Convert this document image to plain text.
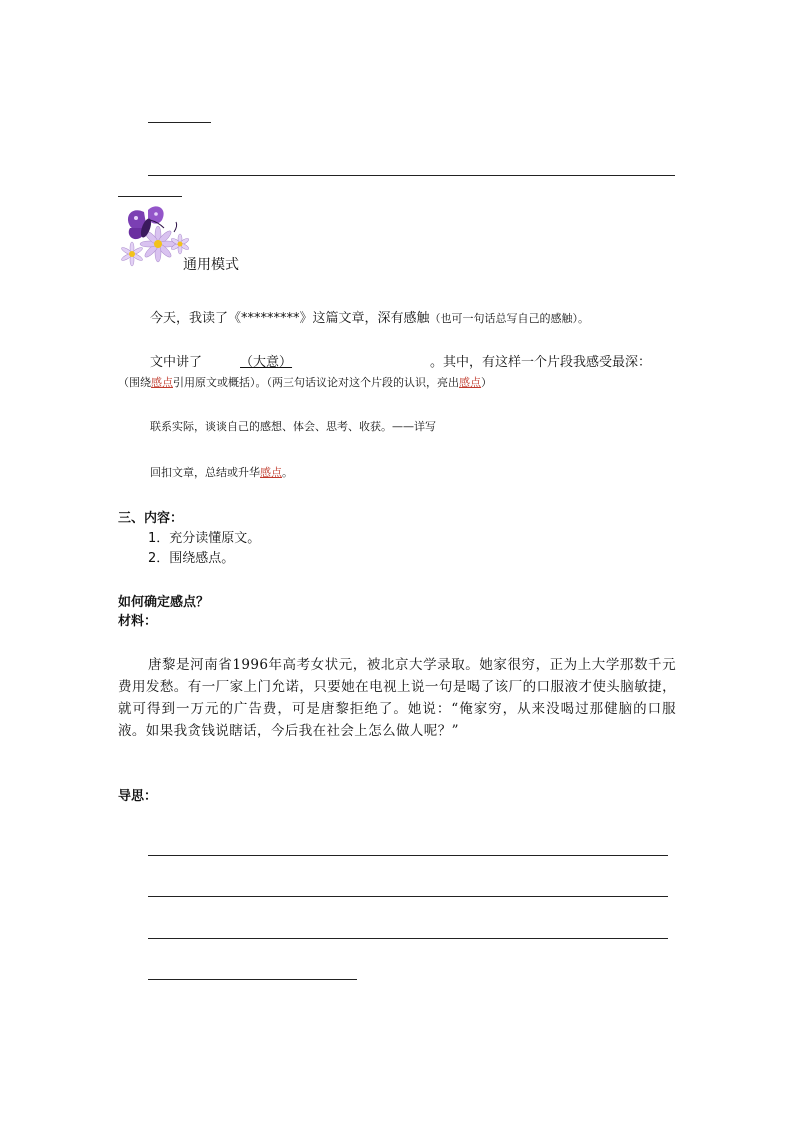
通用模式
今天，我读了《*********》这篇文章，深有感触（也可一句话总写自己的感触）。
文中讲了	（大意）	。其中，有这样一个片段我感受最深：
（围绕感点引用原文或概括）。（两三句话议论对这个片段的认识，亮出感点）
联系实际，谈谈自己的感想、体会、思考、收获。——详写
回扣文章，总结或升华感点。
三、内容：
1．充分读懂原文。
2．围绕感点。
如何确定感点？
材料：
唐黎是河南省1996年高考女状元，被北京大学录取。她家很穷，正为上大学那数千元费用发愁。有一厂家上门允诺，只要她在电视上说一句是喝了该厂的口服液才使头脑敏捷，就可得到一万元的广告费，可是唐黎拒绝了。她说：“俺家穷，从来没喝过那健脑的口服液。如果我贪钱说瞎话，今后我在社会上怎么做人呢？”
导思：
